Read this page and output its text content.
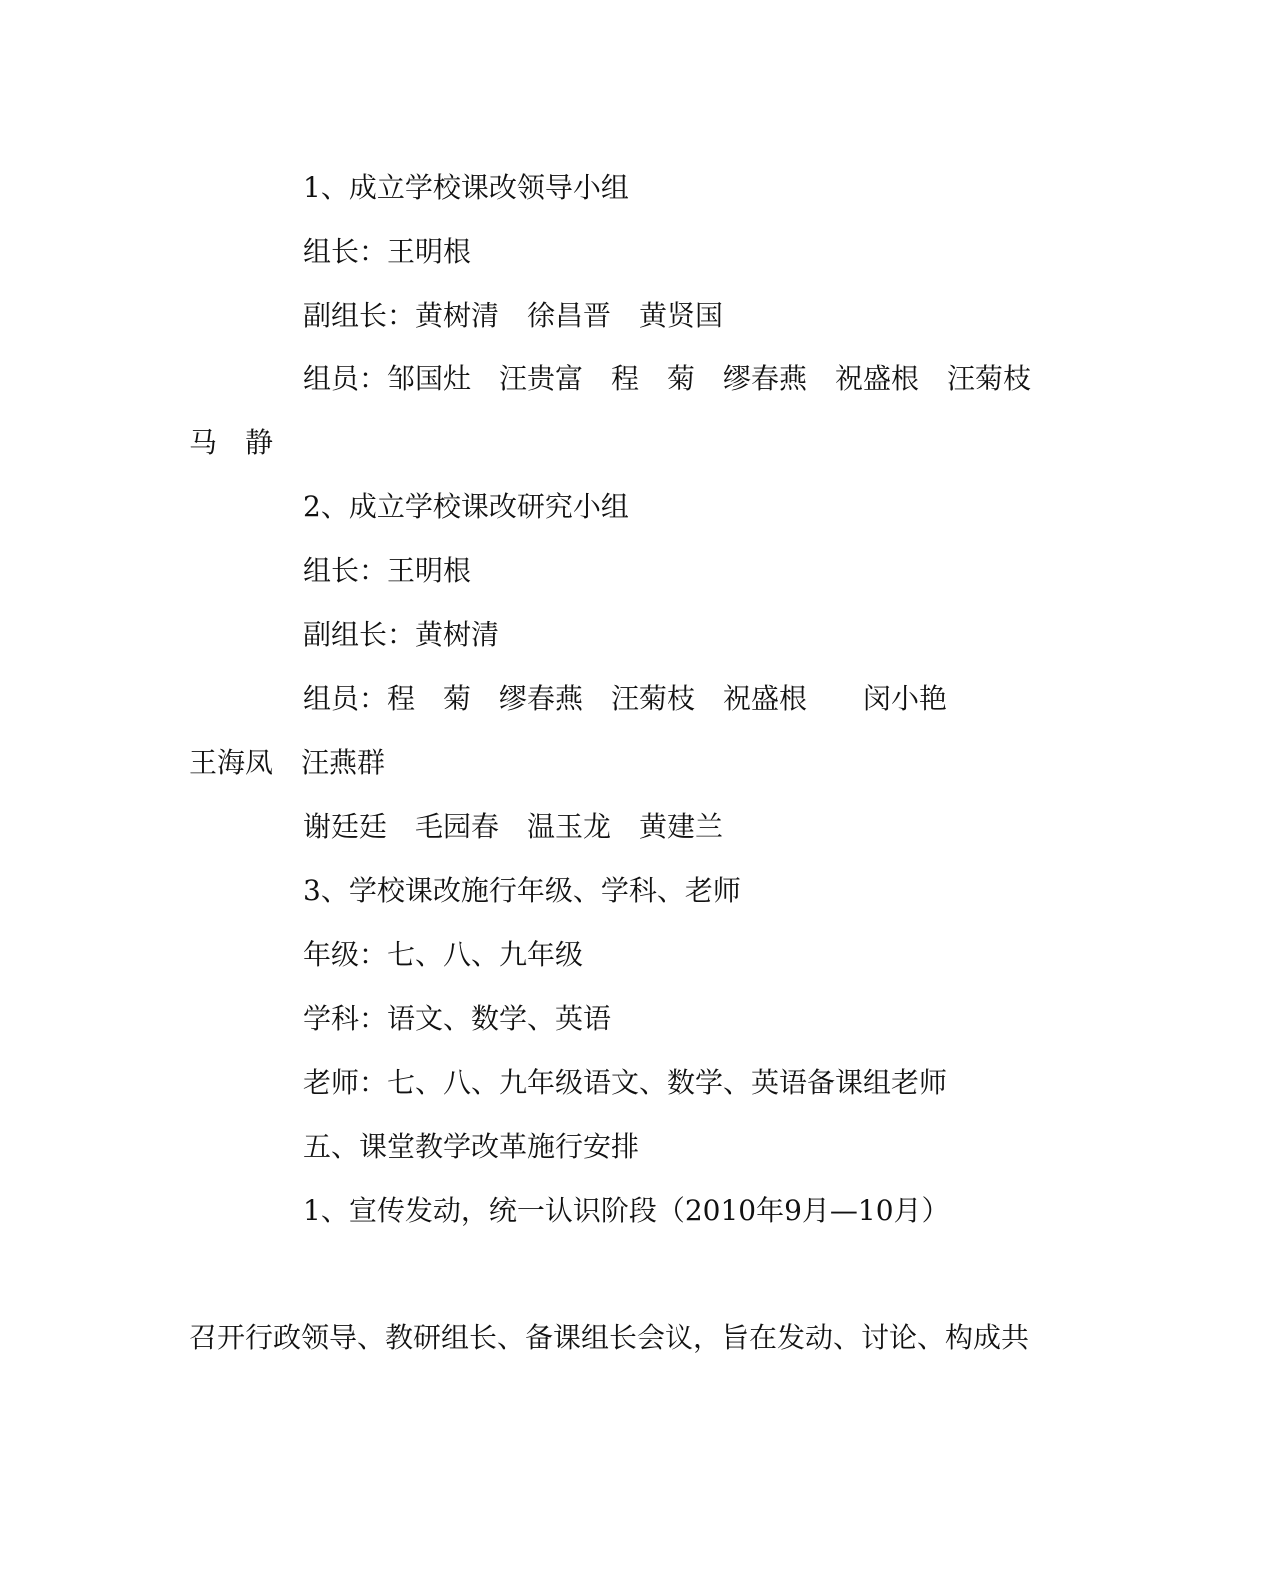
1、成立学校课改领导小组

组长：王明根

副组长：黄树清　徐昌晋　黄贤国

组员：邹国灶　汪贵富　程　菊　缪春燕　祝盛根　汪菊枝

马　静

2、成立学校课改研究小组

组长：王明根

副组长：黄树清

组员：程　菊　缪春燕　汪菊枝　祝盛根　　闵小艳

王海凤　汪燕群

谢廷廷　毛园春　温玉龙　黄建兰

3、学校课改施行年级、学科、老师

年级：七、八、九年级

学科：语文、数学、英语

老师：七、八、九年级语文、数学、英语备课组老师

五、课堂教学改革施行安排

1、宣传发动，统一认识阶段（2010年9月—10月）

召开行政领导、教研组长、备课组长会议，旨在发动、讨论、构成共
